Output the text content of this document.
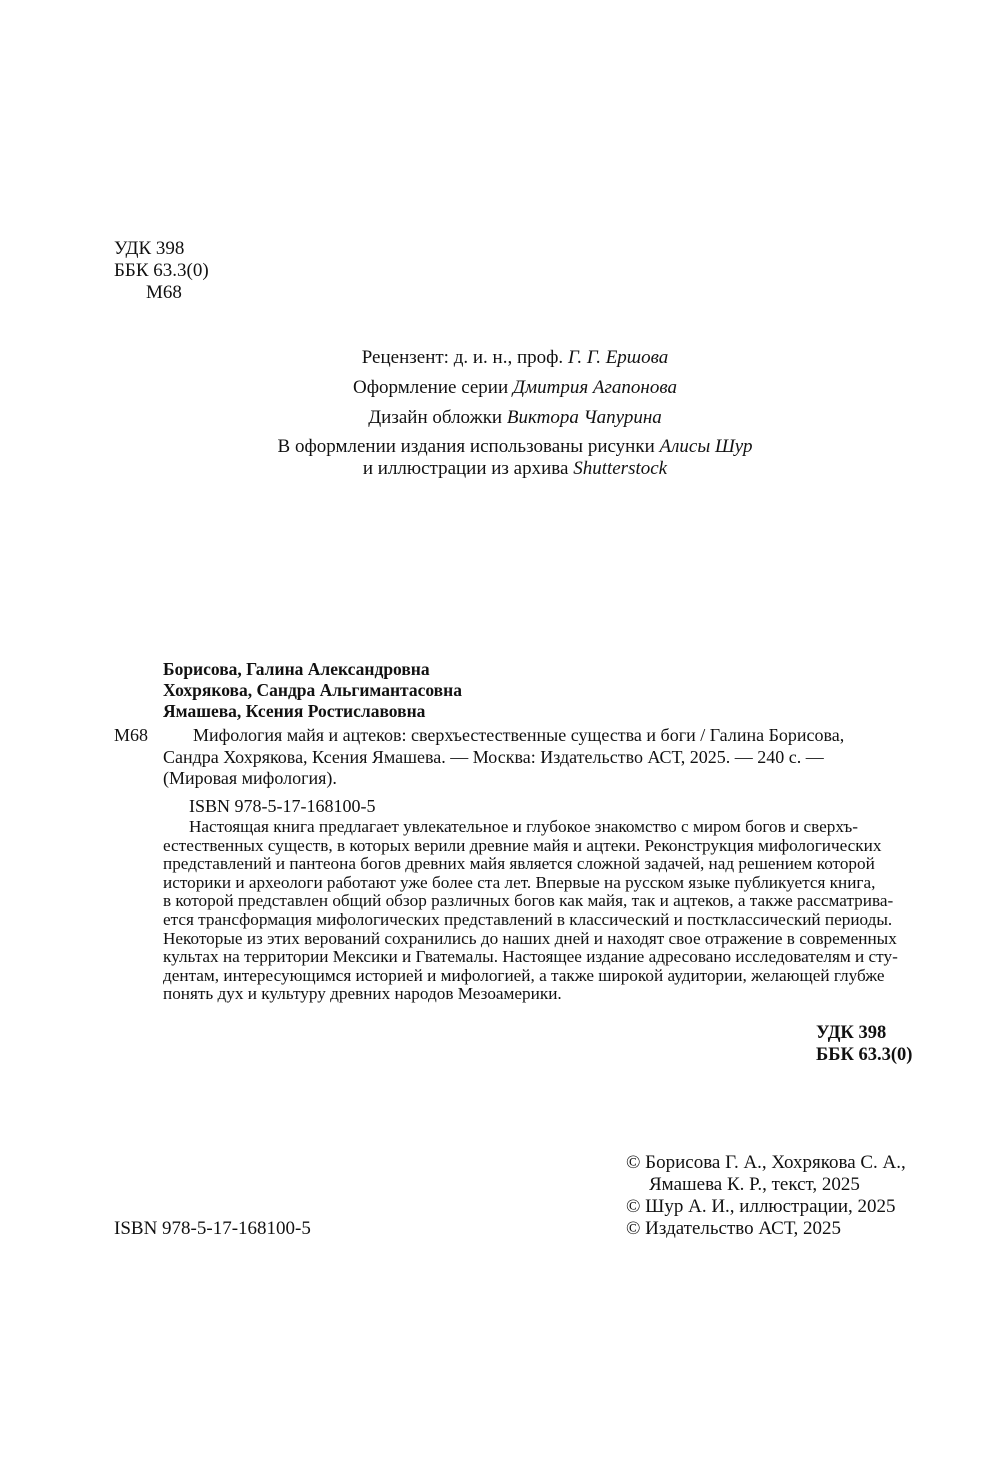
УДК 398
ББК 63.3(0)
М68
Рецензент: д. и. н., проф. Г. Г. Ершова
Оформление серии Дмитрия Агапонова
Дизайн обложки Виктора Чапурина
В оформлении издания использованы рисунки Алисы Шур
и иллюстрации из архива Shutterstock
Борисова, Галина Александровна
Хохрякова, Сандра Альгимантасовна
Ямашева, Ксения Ростиславовна
М68	Мифология майя и ацтеков: сверхъестественные существа и боги / Галина Борисова,
Сандра Хохрякова, Ксения Ямашева. — Москва: Издательство АСТ, 2025. — 240 с. —
(Мировая мифология).
ISBN 978-5-17-168100-5
Настоящая книга предлагает увлекательное и глубокое знакомство с миром богов и сверхъ-
естественных существ, в которых верили древние майя и ацтеки. Реконструкция мифологических
представлений и пантеона богов древних майя является сложной задачей, над решением которой
историки и археологи работают уже более ста лет. Впервые на русском языке публикуется книга,
в которой представлен общий обзор различных богов как майя, так и ацтеков, а также рассматрива-
ется трансформация мифологических представлений в классический и постклассический периоды.
Некоторые из этих верований сохранились до наших дней и находят свое отражение в современных
культах на территории Мексики и Гватемалы. Настоящее издание адресовано исследователям и сту-
дентам, интересующимся историей и мифологией, а также широкой аудитории, желающей глубже
понять дух и культуру древних народов Мезоамерики.
УДК 398
ББК 63.3(0)
© Борисова Г. А., Хохрякова С. А.,
Ямашева К. Р., текст, 2025
© Шур А. И., иллюстрации, 2025
© Издательство АСТ, 2025
ISBN 978-5-17-168100-5
